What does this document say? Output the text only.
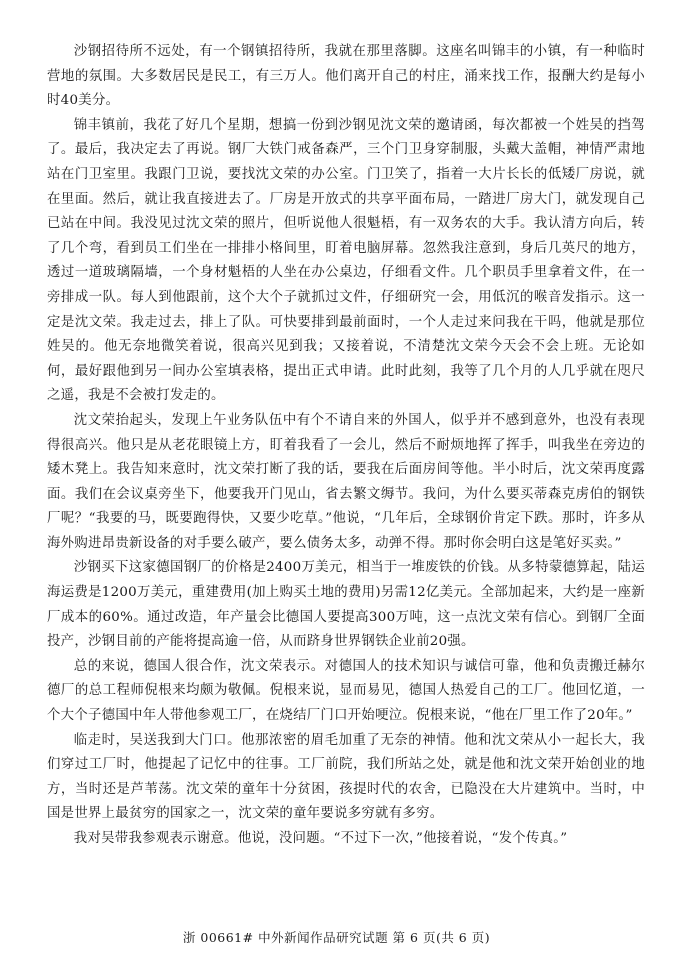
沙钢招待所不远处，有一个钢镇招待所，我就在那里落脚。这座名叫锦丰的小镇，有一种临时营地的氛围。大多数居民是民工，有三万人。他们离开自己的村庄，涌来找工作，报酬大约是每小时40美分。

锦丰镇前，我花了好几个星期，想搞一份到沙钢见沈文荣的邀请函，每次都被一个姓吴的挡驾了。最后，我决定去了再说。钢厂大铁门戒备森严，三个门卫身穿制服，头戴大盖帽，神情严肃地站在门卫室里。我跟门卫说，要找沈文荣的办公室。门卫笑了，指着一大片长长的低矮厂房说，就在里面。然后，就让我直接进去了。厂房是开放式的共享平面布局，一踏进厂房大门，就发现自己已站在中间。我没见过沈文荣的照片，但听说他人很魁梧，有一双务农的大手。我认清方向后，转了几个弯，看到员工们坐在一排排小格间里，盯着电脑屏幕。忽然我注意到，身后几英尺的地方，透过一道玻璃隔墙，一个身材魁梧的人坐在办公桌边，仔细看文件。几个职员手里拿着文件，在一旁排成一队。每人到他跟前，这个大个子就抓过文件，仔细研究一会，用低沉的喉音发指示。这一定是沈文荣。我走过去，排上了队。可快要排到最前面时，一个人走过来问我在干吗，他就是那位姓吴的。他无奈地微笑着说，很高兴见到我；又接着说，不清楚沈文荣今天会不会上班。无论如何，最好跟他到另一间办公室填表格，提出正式申请。此时此刻，我等了几个月的人几乎就在咫尺之遥，我是不会被打发走的。

沈文荣抬起头，发现上午业务队伍中有个不请自来的外国人，似乎并不感到意外，也没有表现得很高兴。他只是从老花眼镜上方，盯着我看了一会儿，然后不耐烦地挥了挥手，叫我坐在旁边的矮木凳上。我告知来意时，沈文荣打断了我的话，要我在后面房间等他。半小时后，沈文荣再度露面。我们在会议桌旁坐下，他要我开门见山，省去繁文缛节。我问，为什么要买蒂森克虏伯的钢铁厂呢？“我要的马，既要跑得快，又要少吃草。”他说，“几年后，全球钢价肯定下跌。那时，许多从海外购进昂贵新设备的对手要么破产，要么债务太多，动弹不得。那时你会明白这是笔好买卖。”

沙钢买下这家德国钢厂的价格是2400万美元，相当于一堆废铁的价钱。从多特蒙德算起，陆运海运费是1200万美元，重建费用(加上购买土地的费用)另需12亿美元。全部加起来，大约是一座新厂成本的60%。通过改造，年产量会比德国人要提高300万吨，这一点沈文荣有信心。到钢厂全面投产，沙钢目前的产能将提高逾一倍，从而跻身世界钢铁企业前20强。

总的来说，德国人很合作，沈文荣表示。对德国人的技术知识与诚信可靠，他和负责搬迁赫尔德厂的总工程师倪根来均颇为敬佩。倪根来说，显而易见，德国人热爱自己的工厂。他回忆道，一个大个子德国中年人带他参观工厂，在烧结厂门口开始哽泣。倪根来说，“他在厂里工作了20年。”

临走时，吴送我到大门口。他那浓密的眉毛加重了无奈的神情。他和沈文荣从小一起长大，我们穿过工厂时，他提起了记忆中的往事。工厂前院，我们所站之处，就是他和沈文荣开始创业的地方，当时还是芦苇荡。沈文荣的童年十分贫困，孩提时代的农舍，已隐没在大片建筑中。当时，中国是世界上最贫穷的国家之一，沈文荣的童年要说多穷就有多穷。

我对吴带我参观表示谢意。他说，没问题。“不过下一次，”他接着说，“发个传真。”

浙 00661# 中外新闻作品研究试题 第 6 页(共 6 页)
